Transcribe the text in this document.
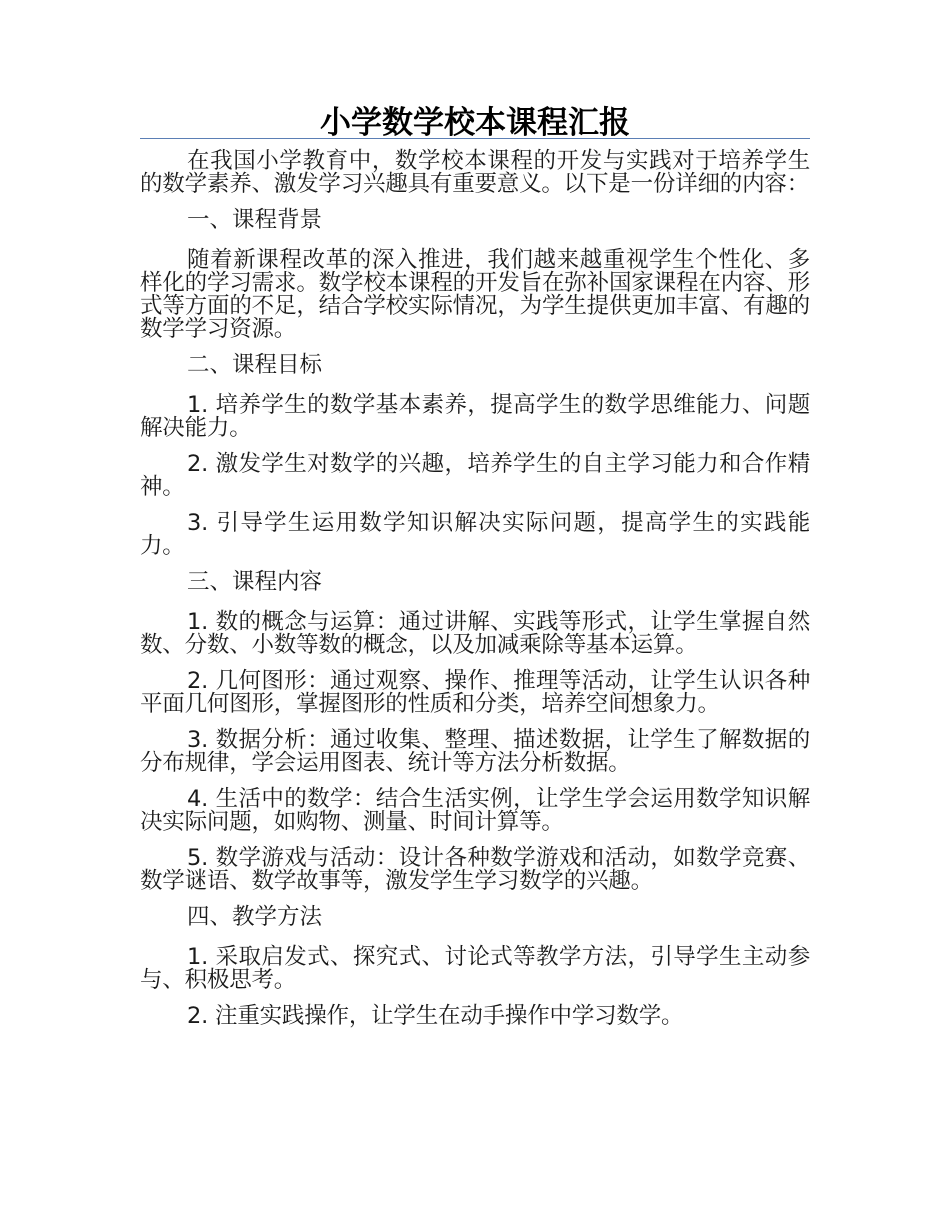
小学数学校本课程汇报

在我国小学教育中，数学校本课程的开发与实践对于培养学生的数学素养、激发学习兴趣具有重要意义。以下是一份详细的内容：

一、课程背景

随着新课程改革的深入推进，我们越来越重视学生个性化、多样化的学习需求。数学校本课程的开发旨在弥补国家课程在内容、形式等方面的不足，结合学校实际情况，为学生提供更加丰富、有趣的数学学习资源。

二、课程目标

1. 培养学生的数学基本素养，提高学生的数学思维能力、问题解决能力。

2. 激发学生对数学的兴趣，培养学生的自主学习能力和合作精神。

3. 引导学生运用数学知识解决实际问题，提高学生的实践能力。

三、课程内容

1. 数的概念与运算：通过讲解、实践等形式，让学生掌握自然数、分数、小数等数的概念，以及加减乘除等基本运算。

2. 几何图形：通过观察、操作、推理等活动，让学生认识各种平面几何图形，掌握图形的性质和分类，培养空间想象力。

3. 数据分析：通过收集、整理、描述数据，让学生了解数据的分布规律，学会运用图表、统计等方法分析数据。

4. 生活中的数学：结合生活实例，让学生学会运用数学知识解决实际问题，如购物、测量、时间计算等。

5. 数学游戏与活动：设计各种数学游戏和活动，如数学竞赛、数学谜语、数学故事等，激发学生学习数学的兴趣。

四、教学方法

1. 采取启发式、探究式、讨论式等教学方法，引导学生主动参与、积极思考。

2. 注重实践操作，让学生在动手操作中学习数学。
